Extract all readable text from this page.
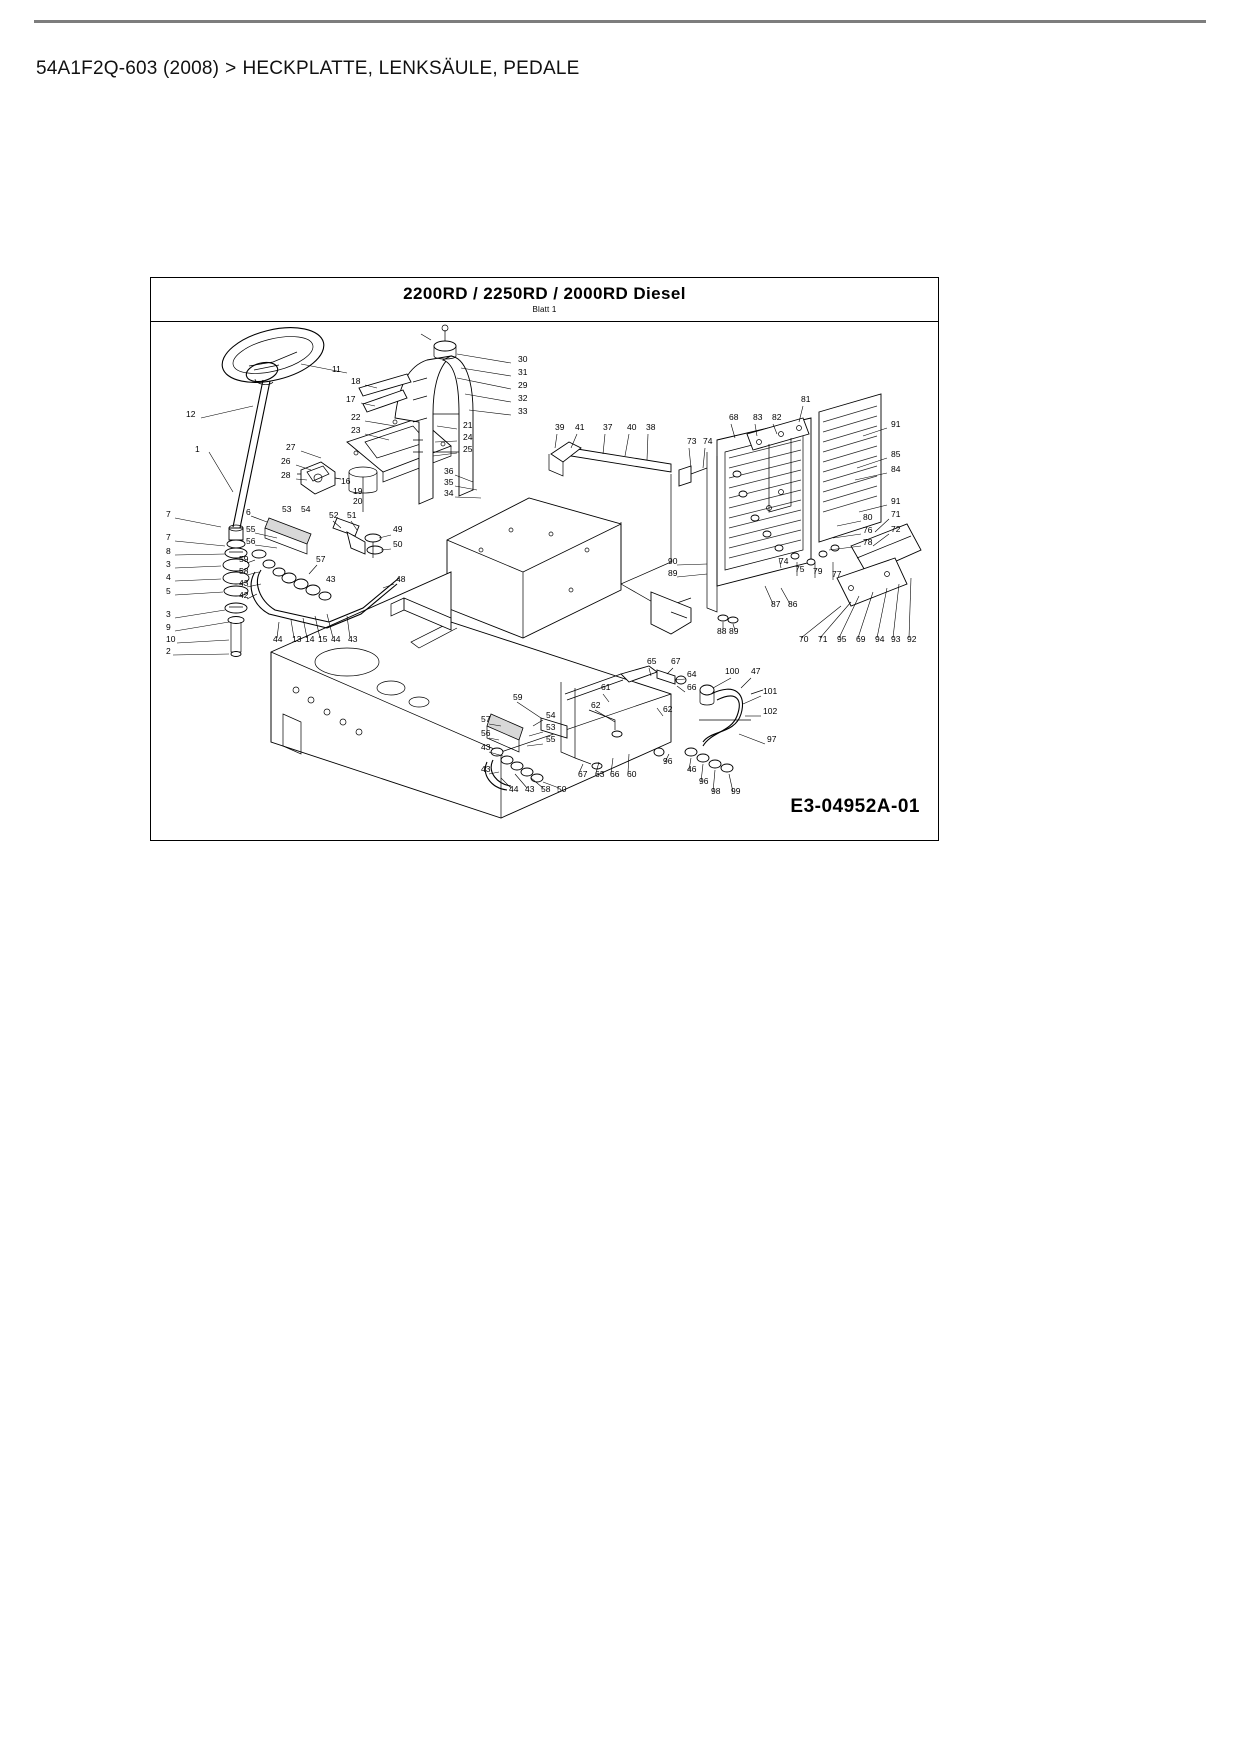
54A1F2Q-603 (2008) > HECKPLATTE, LENKSÄULE, PEDALE
2200RD / 2250RD / 2000RD Diesel
Blatt 1
30
31
29
32
33
11
18
17
22
23
12
27
26
28
16
19
20
21
24
25
36
35
34
1
7	6
7
8
3
4
5
3
9
10
2
53 54
55
56
59
58
43
42
57
52 51
49
50
48
43
44 13 14 15 44 43
39 41 37 40 38
73 74
68 83 82
81
91
85
84
91
80
76
78
71
72
90
89
74
75 79 77
87 86
89
88
70 71 95 69 94 93 92
65 67
64
66
61
62	62
59
57	54
53
55
56
43
43
44 43 58 50
67 63 66 60
100 47
101
102
97
96
46
96
98 99
E3-04952A-01
